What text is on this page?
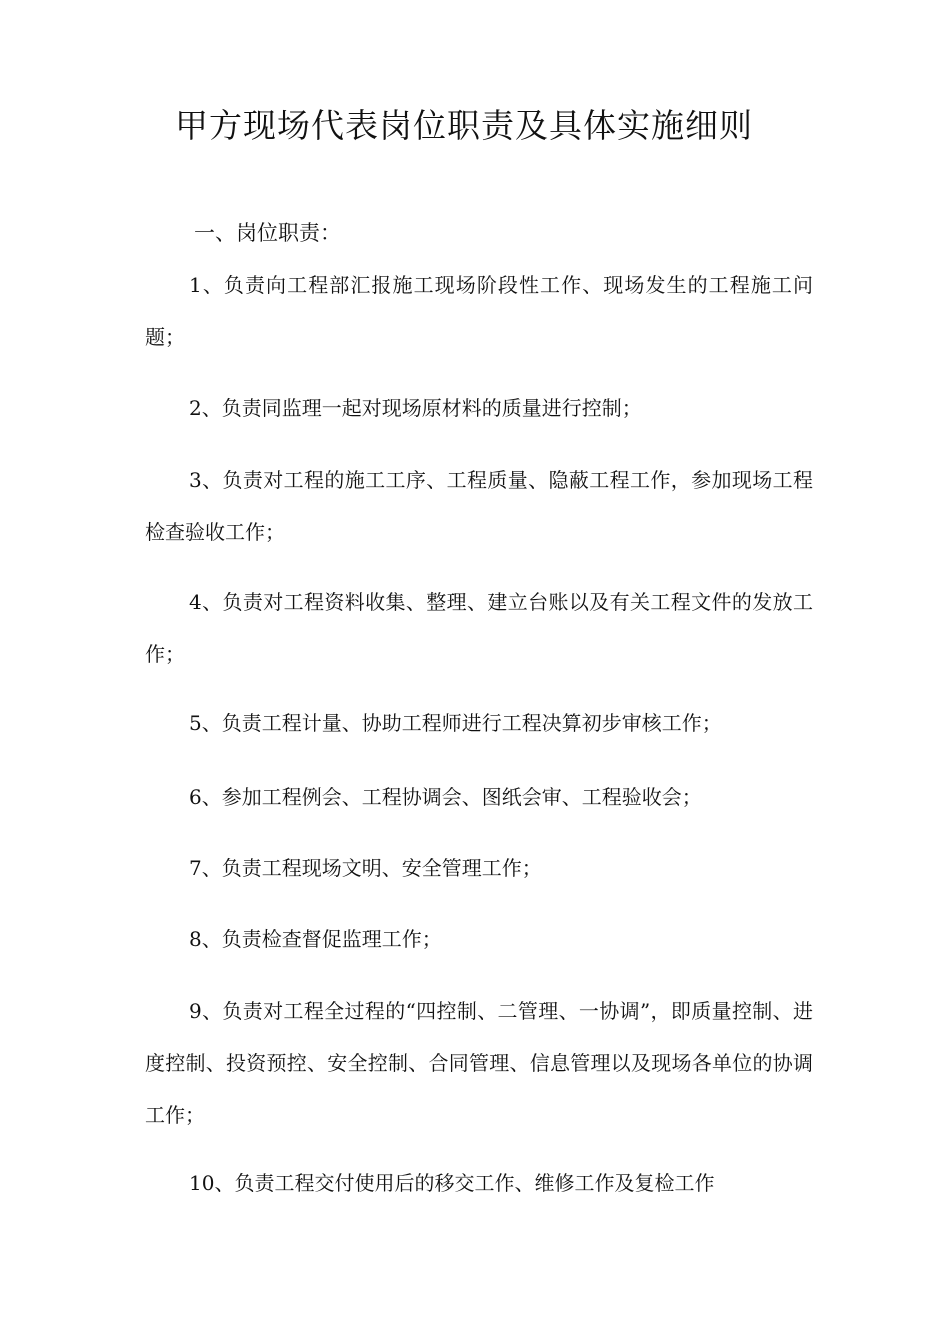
甲方现场代表岗位职责及具体实施细则
一、岗位职责：

1、负责向工程部汇报施工现场阶段性工作、现场发生的工程施工问题；

2、负责同监理一起对现场原材料的质量进行控制；

3、负责对工程的施工工序、工程质量、隐蔽工程工作，参加现场工程检查验收工作；

4、负责对工程资料收集、整理、建立台账以及有关工程文件的发放工作；

5、负责工程计量、协助工程师进行工程决算初步审核工作；

6、参加工程例会、工程协调会、图纸会审、工程验收会；

7、负责工程现场文明、安全管理工作；

8、负责检查督促监理工作；

9、负责对工程全过程的“四控制、二管理、一协调”，即质量控制、进度控制、投资预控、安全控制、合同管理、信息管理以及现场各单位的协调工作；

10、负责工程交付使用后的移交工作、维修工作及复检工作
